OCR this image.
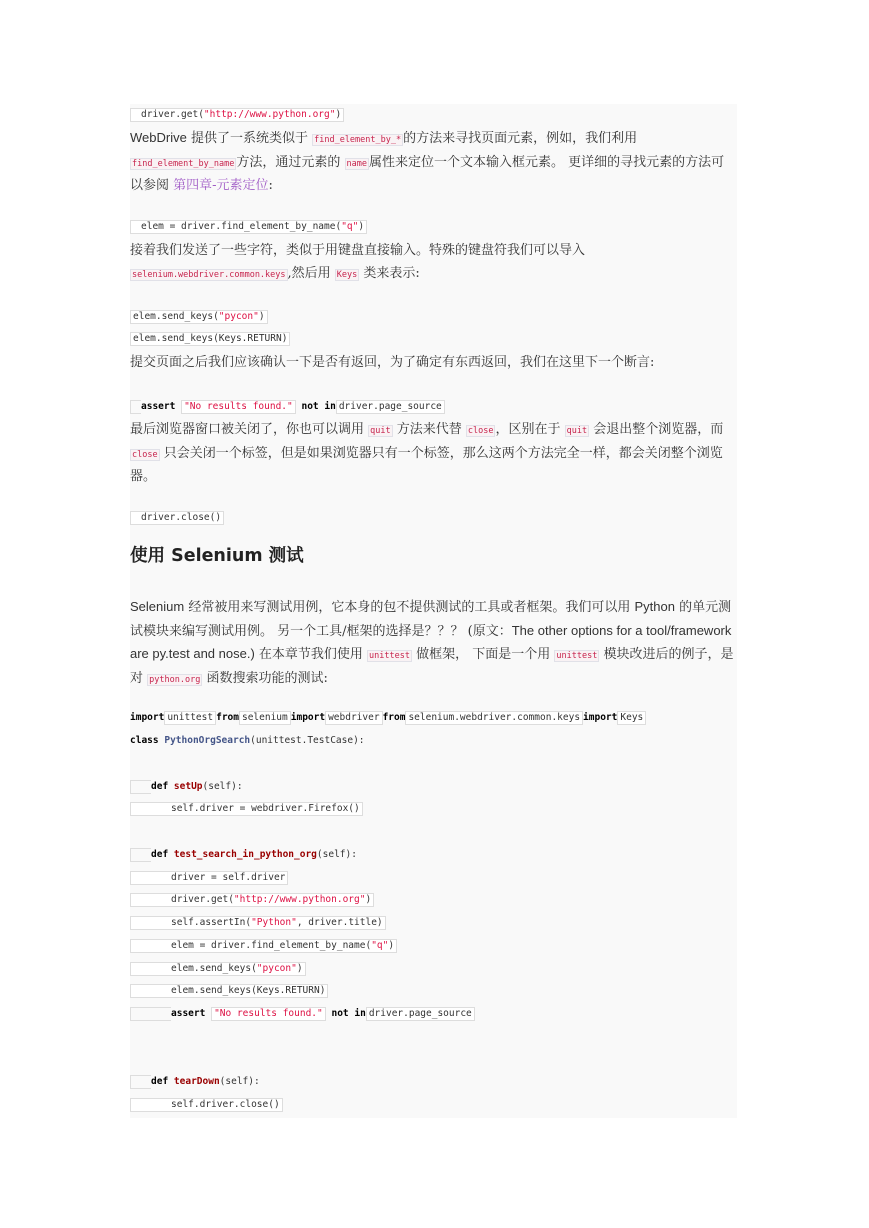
driver.get("http://www.python.org")
WebDrive 提供了一系统类似于 find_element_by_* 的方法来寻找页面元素，例如，我们利用
find_element_by_name 方法，通过元素的 name 属性来定位一个文本输入框元素。 更详细的寻找元素的方法可以参阅 第四章-元素定位:
elem = driver.find_element_by_name("q")
接着我们发送了一些字符，类似于用键盘直接输入。特殊的键盘符我们可以导入
selenium.webdriver.common.keys ,然后用 Keys 类来表示:
elem.send_keys("pycon")
elem.send_keys(Keys.RETURN)
提交页面之后我们应该确认一下是否有返回，为了确定有东西返回，我们在这里下一个断言:
assert "No results found." not in driver.page_source
最后浏览器窗口被关闭了，你也可以调用 quit 方法来代替 close ，区别在于 quit 会退出整个浏览器，而 close 只会关闭一个标签，但是如果浏览器只有一个标签，那么这两个方法完全一样，都会关闭整个浏览器。
driver.close()
使用 Selenium 测试
Selenium 经常被用来写测试用例，它本身的包不提供测试的工具或者框架。我们可以用 Python 的单元测试模块来编写测试用例。 另一个工具/框架的选择是？？？ (原文：The other options for a tool/framework are py.test and nose.) 在本章节我们使用 unittest 做框架， 下面是一个用 unittest 模块改进后的例子，是对 python.org 函数搜索功能的测试:
import unittest from selenium import webdriver from selenium.webdriver.common.keys import Keys
class PythonOrgSearch(unittest.TestCase):
def setUp(self):
self.driver = webdriver.Firefox()
def test_search_in_python_org(self):
driver = self.driver
driver.get("http://www.python.org")
self.assertIn("Python", driver.title)
elem = driver.find_element_by_name("q")
elem.send_keys("pycon")
elem.send_keys(Keys.RETURN)
assert "No results found." not in driver.page_source
def tearDown(self):
self.driver.close()
